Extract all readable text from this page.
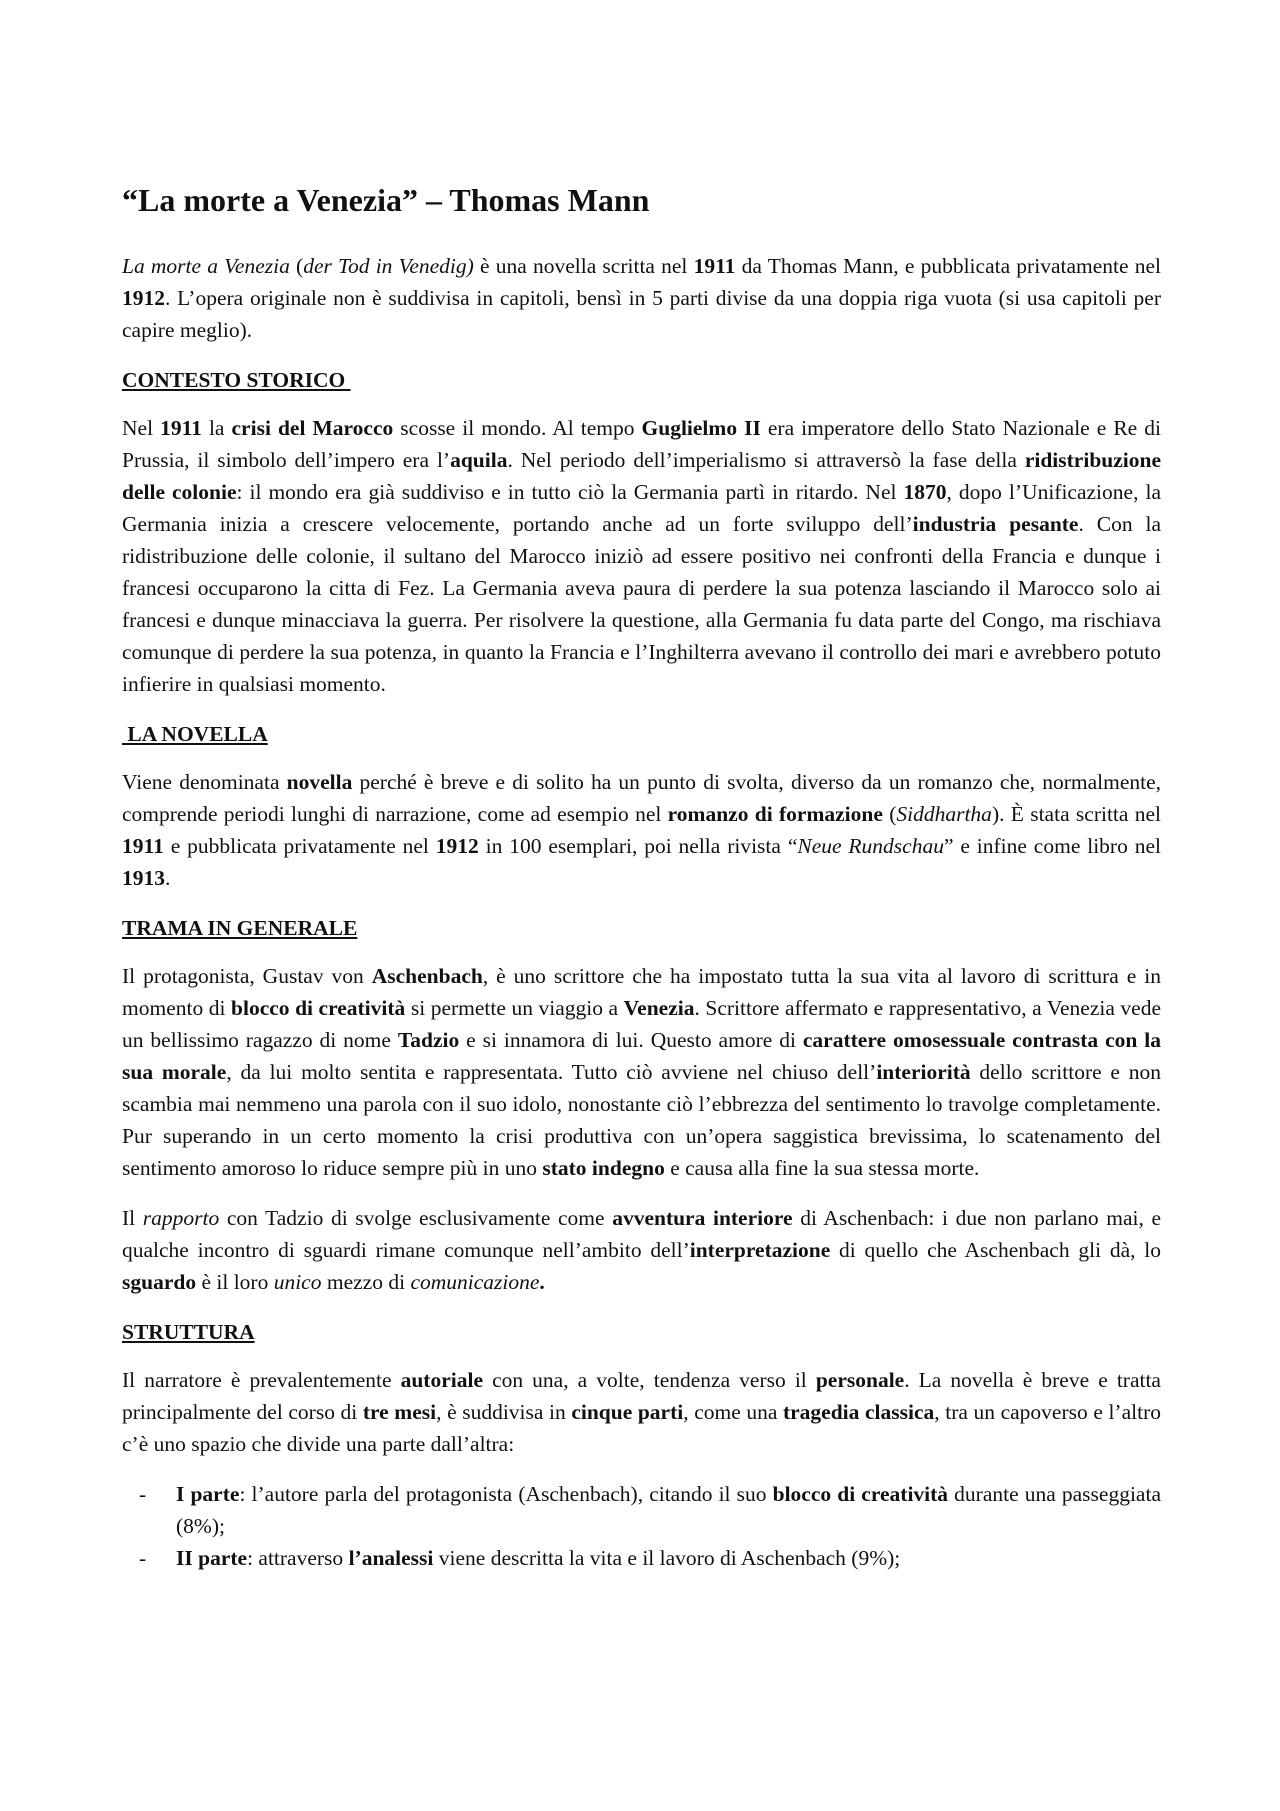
“La morte a Venezia” – Thomas Mann

La morte a Venezia (der Tod in Venedig) è una novella scritta nel 1911 da Thomas Mann, e pubblicata privatamente nel 1912. L’opera originale non è suddivisa in capitoli, bensì in 5 parti divise da una doppia riga vuota (si usa capitoli per capire meglio).

CONTESTO STORICO

Nel 1911 la crisi del Marocco scosse il mondo. Al tempo Guglielmo II era imperatore dello Stato Nazionale e Re di Prussia, il simbolo dell’impero era l’aquila. Nel periodo dell’imperialismo si attraversò la fase della ridistribuzione delle colonie: il mondo era già suddiviso e in tutto ciò la Germania partì in ritardo. Nel 1870, dopo l’Unificazione, la Germania inizia a crescere velocemente, portando anche ad un forte sviluppo dell’industria pesante. Con la ridistribuzione delle colonie, il sultano del Marocco iniziò ad essere positivo nei confronti della Francia e dunque i francesi occuparono la citta di Fez. La Germania aveva paura di perdere la sua potenza lasciando il Marocco solo ai francesi e dunque minacciava la guerra. Per risolvere la questione, alla Germania fu data parte del Congo, ma rischiava comunque di perdere la sua potenza, in quanto la Francia e l’Inghilterra avevano il controllo dei mari e avrebbero potuto infierire in qualsiasi momento.

LA NOVELLA

Viene denominata novella perché è breve e di solito ha un punto di svolta, diverso da un romanzo che, normalmente, comprende periodi lunghi di narrazione, come ad esempio nel romanzo di formazione (Siddhartha). È stata scritta nel 1911 e pubblicata privatamente nel 1912 in 100 esemplari, poi nella rivista “Neue Rundschau” e infine come libro nel 1913.

TRAMA IN GENERALE

Il protagonista, Gustav von Aschenbach, è uno scrittore che ha impostato tutta la sua vita al lavoro di scrittura e in momento di blocco di creatività si permette un viaggio a Venezia. Scrittore affermato e rappresentativo, a Venezia vede un bellissimo ragazzo di nome Tadzio e si innamora di lui. Questo amore di carattere omosessuale contrasta con la sua morale, da lui molto sentita e rappresentata. Tutto ciò avviene nel chiuso dell’interiorità dello scrittore e non scambia mai nemmeno una parola con il suo idolo, nonostante ciò l’ebbrezza del sentimento lo travolge completamente. Pur superando in un certo momento la crisi produttiva con un’opera saggistica brevissima, lo scatenamento del sentimento amoroso lo riduce sempre più in uno stato indegno e causa alla fine la sua stessa morte.

Il rapporto con Tadzio di svolge esclusivamente come avventura interiore di Aschenbach: i due non parlano mai, e qualche incontro di sguardi rimane comunque nell’ambito dell’interpretazione di quello che Aschenbach gli dà, lo sguardo è il loro unico mezzo di comunicazione.

STRUTTURA

Il narratore è prevalentemente autoriale con una, a volte, tendenza verso il personale. La novella è breve e tratta principalmente del corso di tre mesi, è suddivisa in cinque parti, come una tragedia classica, tra un capoverso e l’altro c’è uno spazio che divide una parte dall’altra:

- I parte: l’autore parla del protagonista (Aschenbach), citando il suo blocco di creatività durante una passeggiata (8%);
- II parte: attraverso l’analessi viene descritta la vita e il lavoro di Aschenbach (9%);
